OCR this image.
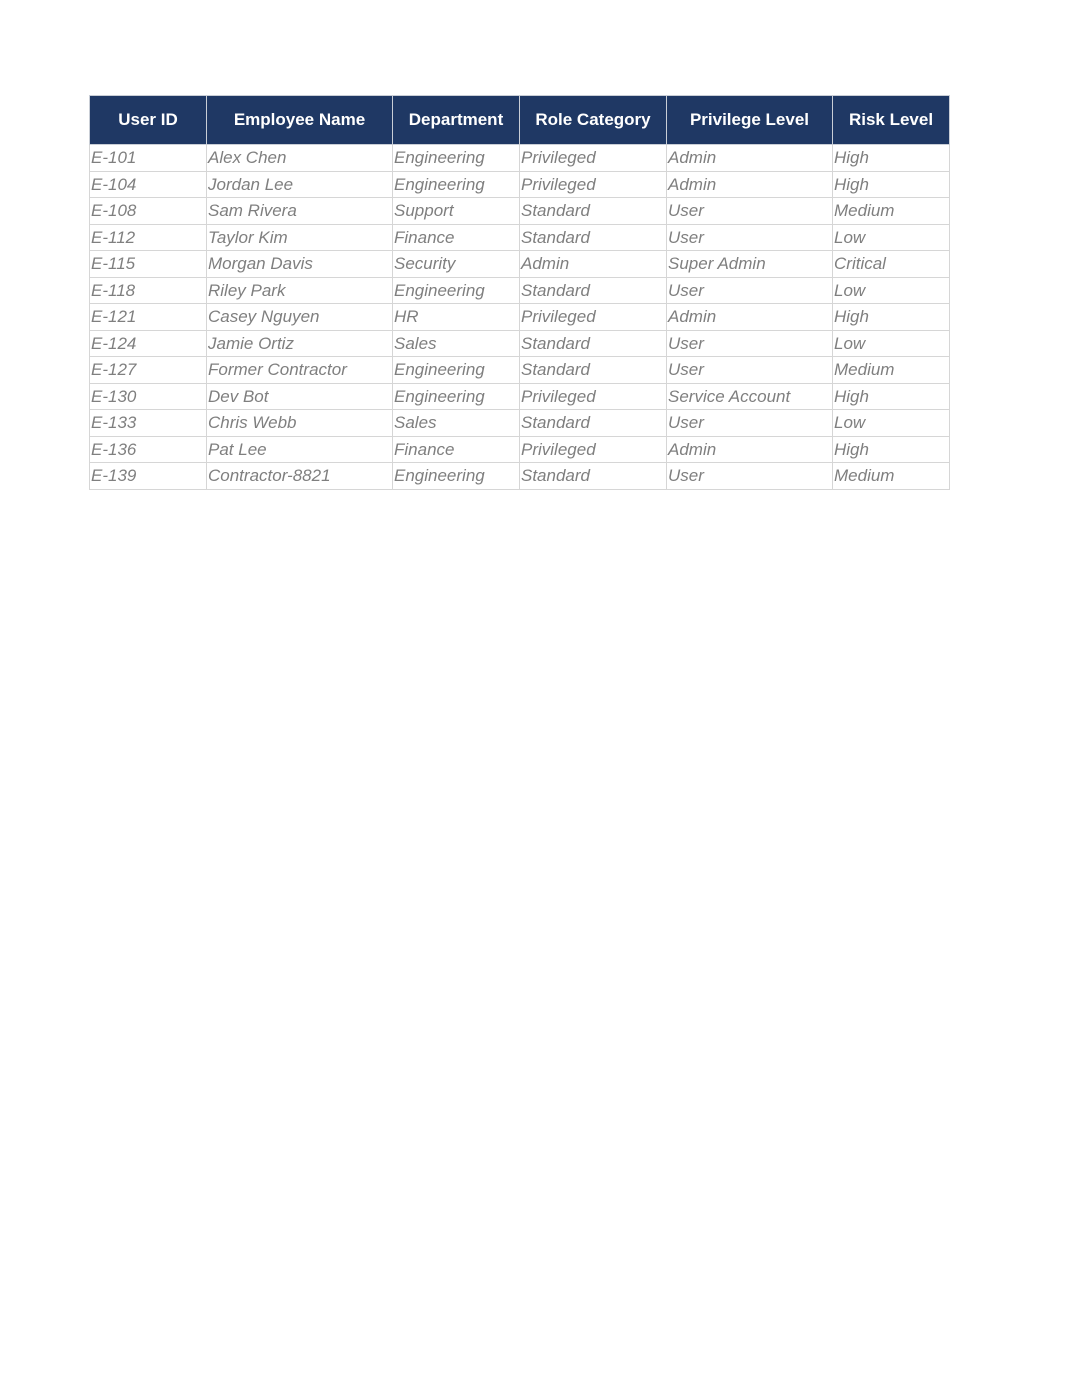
User ID	Employee Name	Department	Role Category	Privilege Level	Risk Level
E-101	Alex Chen	Engineering	Privileged	Admin	High
E-104	Jordan Lee	Engineering	Privileged	Admin	High
E-108	Sam Rivera	Support	Standard	User	Medium
E-112	Taylor Kim	Finance	Standard	User	Low
E-115	Morgan Davis	Security	Admin	Super Admin	Critical
E-118	Riley Park	Engineering	Standard	User	Low
E-121	Casey Nguyen	HR	Privileged	Admin	High
E-124	Jamie Ortiz	Sales	Standard	User	Low
E-127	Former Contractor	Engineering	Standard	User	Medium
E-130	Dev Bot	Engineering	Privileged	Service Account	High
E-133	Chris Webb	Sales	Standard	User	Low
E-136	Pat Lee	Finance	Privileged	Admin	High
E-139	Contractor-8821	Engineering	Standard	User	Medium
